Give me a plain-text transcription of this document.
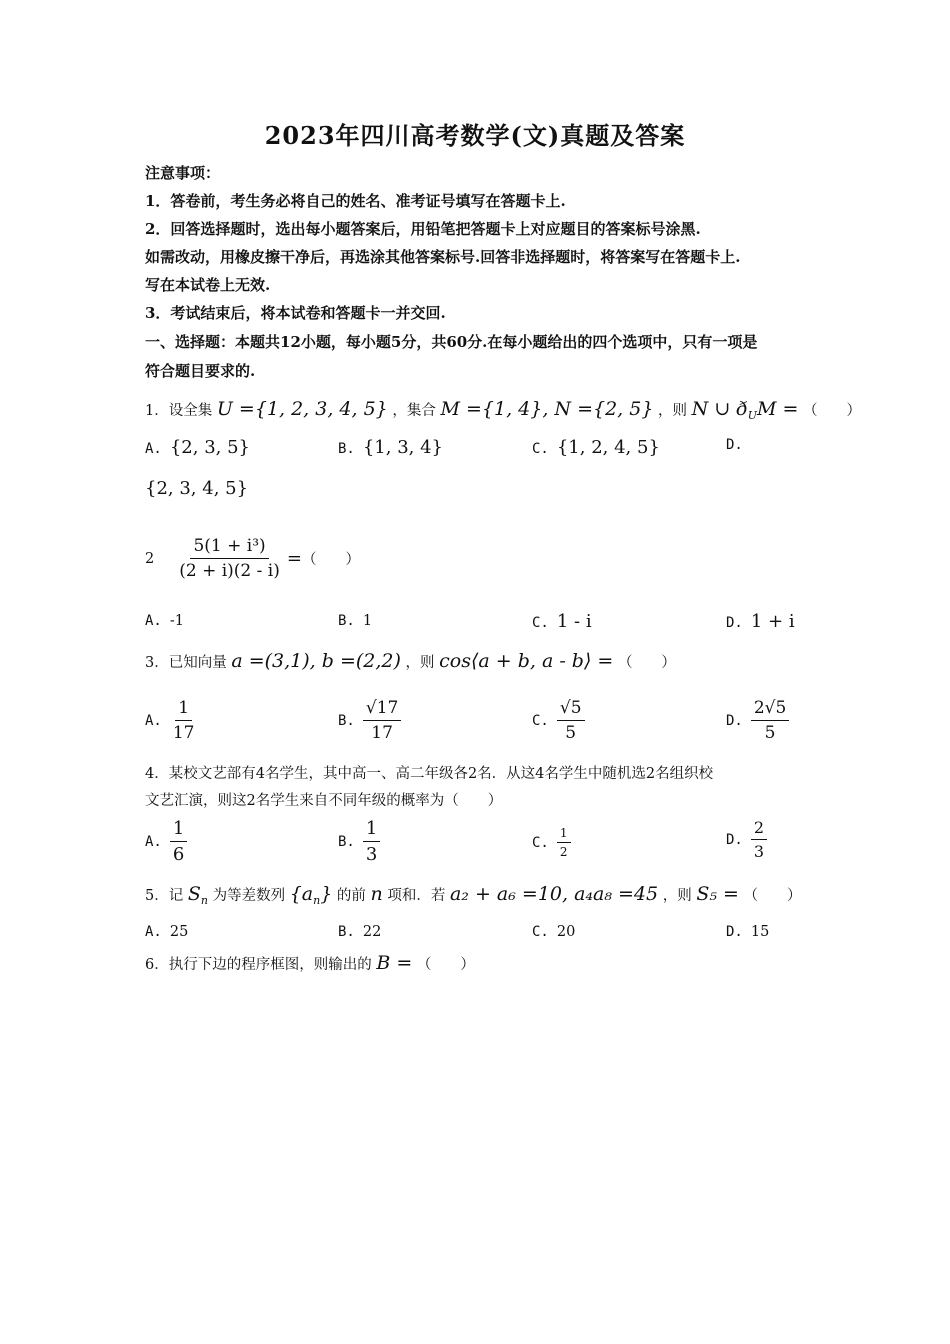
2023年四川高考数学(文)真题及答案
注意事项：
1．答卷前，考生务必将自己的姓名、准考证号填写在答题卡上.
2．回答选择题时，选出每小题答案后，用铅笔把答题卡上对应题目的答案标号涂黑.
如需改动，用橡皮擦干净后，再选涂其他答案标号.回答非选择题时，将答案写在答题卡上.
写在本试卷上无效.
3．考试结束后，将本试卷和答题卡一并交回.
一、选择题：本题共12小题，每小题5分，共60分.在每小题给出的四个选项中，只有一项是
符合题目要求的.
1．设全集 U ={1, 2, 3, 4, 5} ，集合 M ={1, 4}, N ={2, 5} ，则 N ∪ $ð_UM$ = （　　）
A. {2, 3, 5}	B. {1, 3, 4}	C. {1, 2, 4, 5}	D.
{2, 3, 4, 5}
$2 \frac{\text{5(1 + i³)}}{(2 + i)(2 - i)}$ = （　　）
A. -1	B. 1	C. 1 - i	D. 1 + i
3．已知向量 a =(3,1), b =(2,2) ，则 cos⟨a + b, a - b⟩ = （　　）
A. $\frac{1}{17}$	B. $\frac{√17}{17}$	C. $\frac{√5}{5}$	D. $\frac{2√5}{5}$
4．某校文艺部有4名学生，其中高一、高二年级各2名．从这4名学生中随机选2名组织校
文艺汇演，则这2名学生来自不同年级的概率为（　　）
A. $\frac{1}{6}$	B. $\frac{1}{3}$	C. $\frac{1}{2}$	D. $\frac{2}{3}$
5．记 $S_n$ 为等差数列 $\{a_n\}$ 的前 n 项和．若 a₂ + a₆ =10, a₄a₈ =45 ，则 S₅ = （　　）
A. 25	B. 22	C. 20	D. 15
6．执行下边的程序框图，则输出的 B = （　　）
